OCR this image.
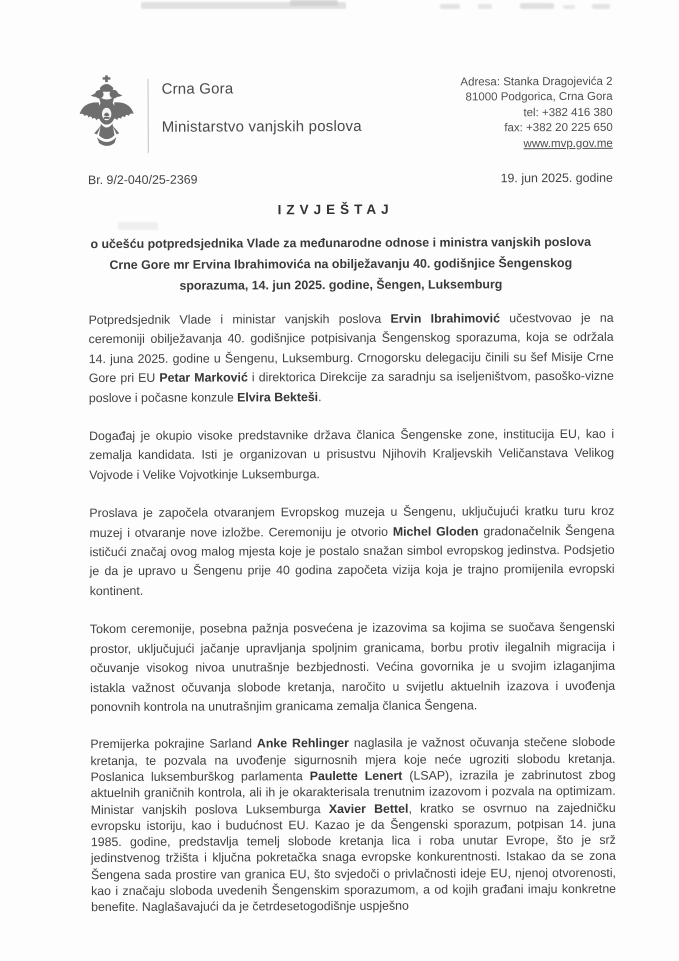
Crna Gora
Ministarstvo vanjskih poslova
Adresa: Stanka Dragojevića 2
81000 Podgorica, Crna Gora
tel: +382 416 380
fax: +382 20 225 650
www.mvp.gov.me
Br. 9/2-040/25-2369	19. jun 2025. godine
IZVJEŠTAJ
o učešću potpredsjednika Vlade za međunarodne odnose i ministra vanjskih poslova Crne Gore mr Ervina Ibrahimovića na obilježavanju 40. godišnjice Šengenskog sporazuma, 14. jun 2025. godine, Šengen, Luksemburg

Potpredsjednik Vlade i ministar vanjskih poslova Ervin Ibrahimović učestvovao je na ceremoniji obilježavanja 40. godišnjice potpisivanja Šengenskog sporazuma, koja se održala 14. juna 2025. godine u Šengenu, Luksemburg. Crnogorsku delegaciju činili su šef Misije Crne Gore pri EU Petar Marković i direktorica Direkcije za saradnju sa iseljeništvom, pasoško-vizne poslove i počasne konzule Elvira Bekteši.

Događaj je okupio visoke predstavnike država članica Šengenske zone, institucija EU, kao i zemalja kandidata. Isti je organizovan u prisustvu Njihovih Kraljevskih Veličanstava Velikog Vojvode i Velike Vojvotkinje Luksemburga.

Proslava je započela otvaranjem Evropskog muzeja u Šengenu, uključujući kratku turu kroz muzej i otvaranje nove izložbe. Ceremoniju je otvorio Michel Gloden gradonačelnik Šengena ističući značaj ovog malog mjesta koje je postalo snažan simbol evropskog jedinstva. Podsjetio je da je upravo u Šengenu prije 40 godina započeta vizija koja je trajno promijenila evropski kontinent.

Tokom ceremonije, posebna pažnja posvećena je izazovima sa kojima se suočava šengenski prostor, uključujući jačanje upravljanja spoljnim granicama, borbu protiv ilegalnih migracija i očuvanje visokog nivoa unutrašnje bezbjednosti. Većina govornika je u svojim izlaganjima istakla važnost očuvanja slobode kretanja, naročito u svijetlu aktuelnih izazova i uvođenja ponovnih kontrola na unutrašnjim granicama zemalja članica Šengena.

Premijerka pokrajine Sarland Anke Rehlinger naglasila je važnost očuvanja stečene slobode kretanja, te pozvala na uvođenje sigurnosnih mjera koje neće ugroziti slobodu kretanja. Poslanica luksemburškog parlamenta Paulette Lenert (LSAP), izrazila je zabrinutost zbog aktuelnih graničnih kontrola, ali ih je okarakterisala trenutnim izazovom i pozvala na optimizam. Ministar vanjskih poslova Luksemburga Xavier Bettel, kratko se osvrnuo na zajedničku evropsku istoriju, kao i budućnost EU. Kazao je da Šengenski sporazum, potpisan 14. juna 1985. godine, predstavlja temelj slobode kretanja lica i roba unutar Evrope, što je srž jedinstvenog tržišta i ključna pokretačka snaga evropske konkurentnosti. Istakao da se zona Šengena sada prostire van granica EU, što svjedoči o privlačnosti ideje EU, njenoj otvorenosti, kao i značaju sloboda uvedenih Šengenskim sporazumom, a od kojih građani imaju konkretne benefite. Naglašavajući da je četrdesetogodišnje uspješno
